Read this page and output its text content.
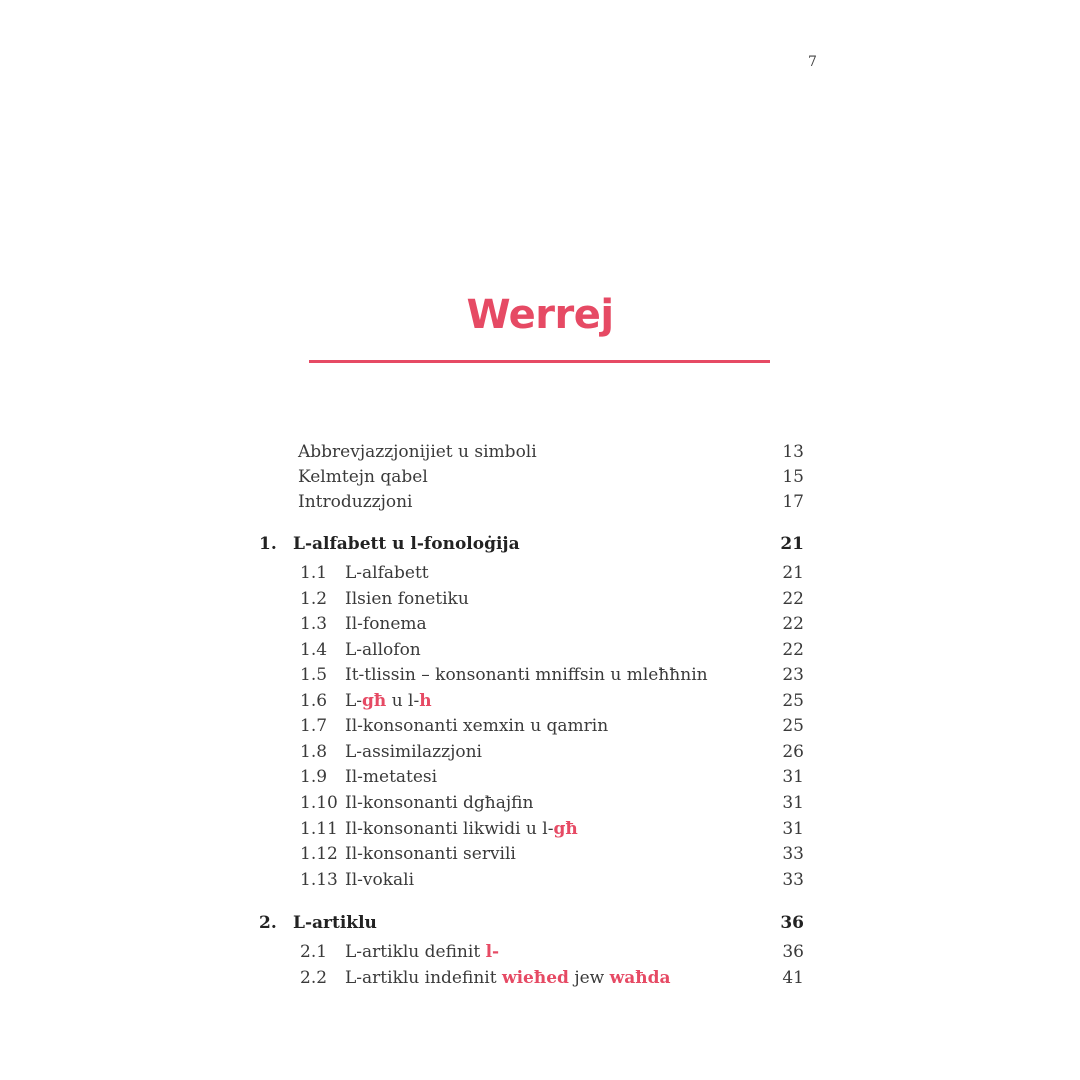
7
Werrej
Abbrevjazzjonijiet u simboli	13
Kelmtejn qabel	15
Introduzzjoni	17
1. L-alfabett u l-fonoloġija	21
1.1 L-alfabett	21
1.2 Ilsien fonetiku	22
1.3 Il-fonema	22
1.4 L-allofon	22
1.5 It-tlissin – konsonanti mniffsin u mleħħnin	23
1.6 L-għ u l-h	25
1.7 Il-konsonanti xemxin u qamrin	25
1.8 L-assimilazzjoni	26
1.9 Il-metatesi	31
1.10 Il-konsonanti dgħajfin	31
1.11 Il-konsonanti likwidi u l-għ	31
1.12 Il-konsonanti servili	33
1.13 Il-vokali	33
2. L-artiklu	36
2.1 L-artiklu definit l-	36
2.2 L-artiklu indefinit wieħed jew waħda	41
